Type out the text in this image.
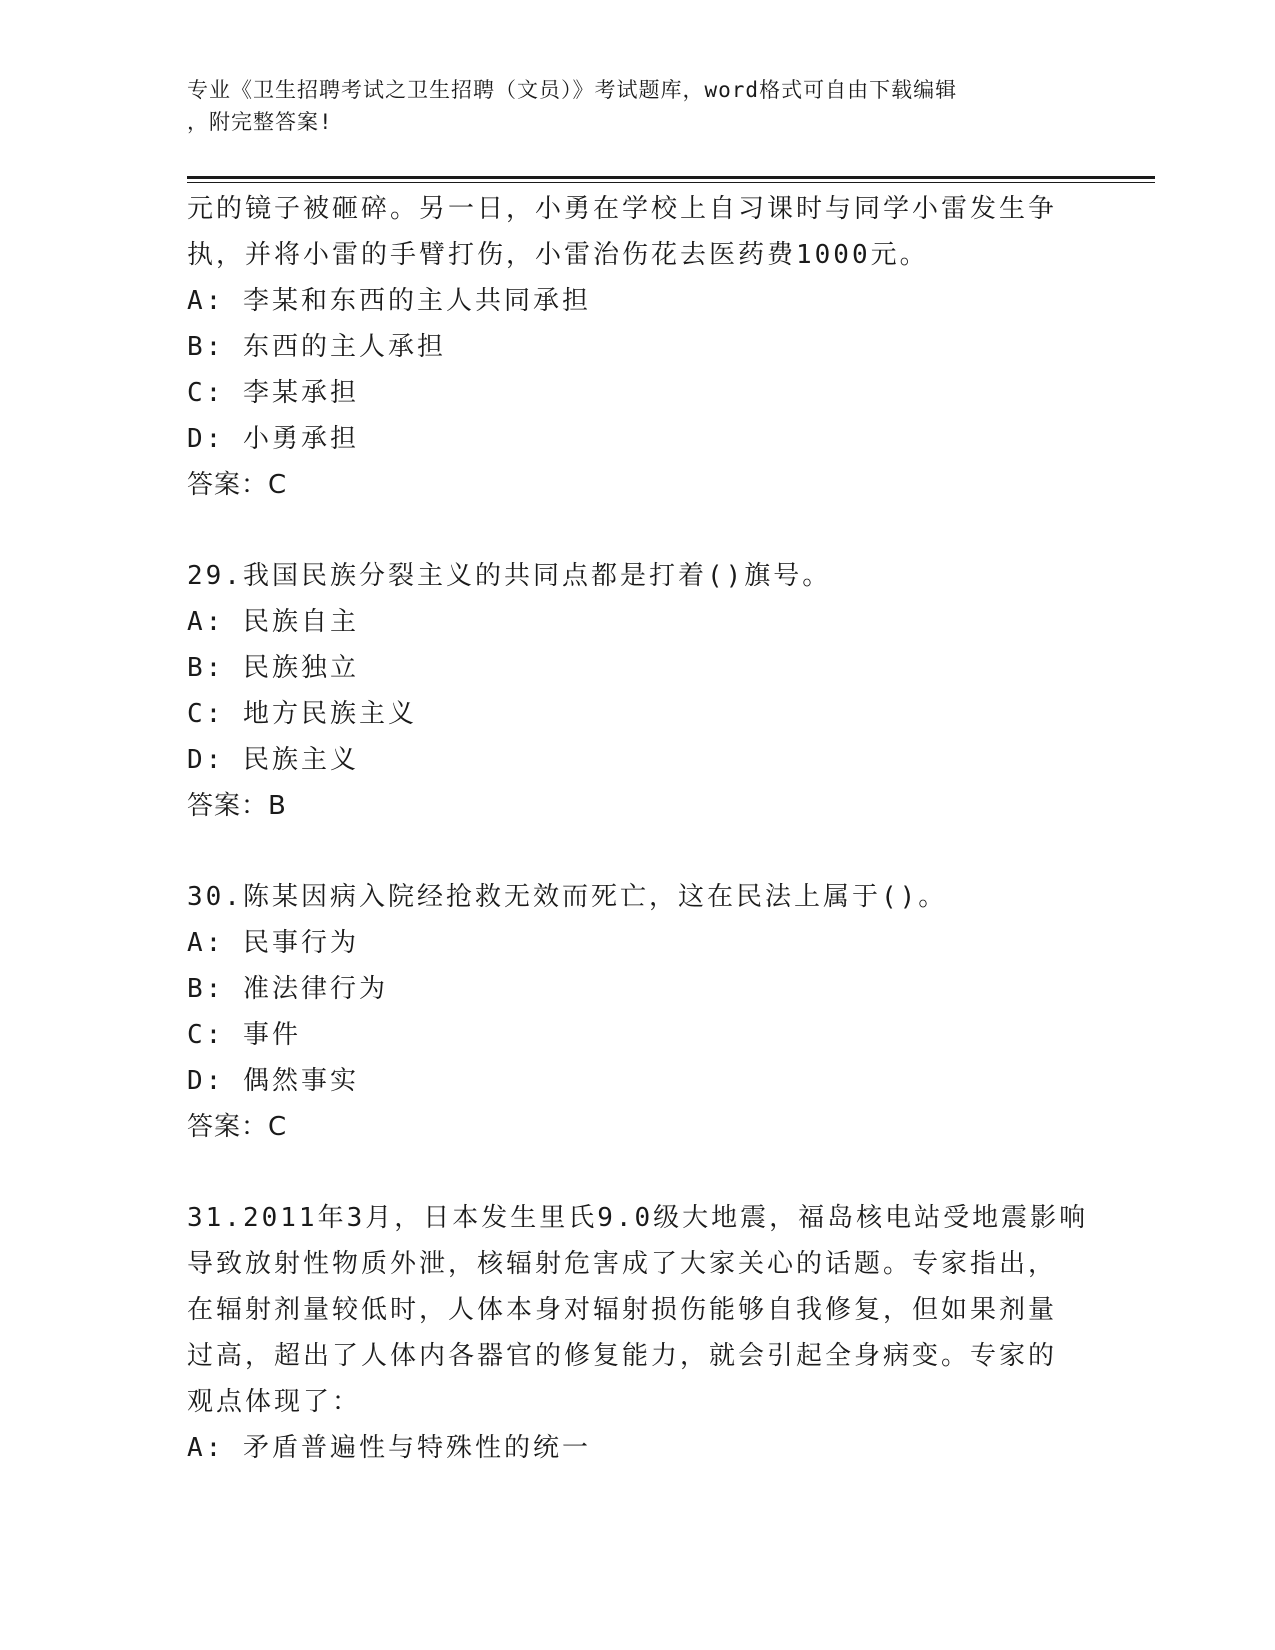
专业《卫生招聘考试之卫生招聘（文员）》考试题库，word格式可自由下载编辑
，附完整答案!
元的镜子被砸碎。另一日，小勇在学校上自习课时与同学小雷发生争
执，并将小雷的手臂打伤，小雷治伤花去医药费1000元。
A: 李某和东西的主人共同承担
B: 东西的主人承担
C: 李某承担
D: 小勇承担
答案：C
29.我国民族分裂主义的共同点都是打着()旗号。
A: 民族自主
B: 民族独立
C: 地方民族主义
D: 民族主义
答案：B
30.陈某因病入院经抢救无效而死亡，这在民法上属于()。
A: 民事行为
B: 准法律行为
C: 事件
D: 偶然事实
答案：C
31.2011年3月，日本发生里氏9.0级大地震，福岛核电站受地震影响
导致放射性物质外泄，核辐射危害成了大家关心的话题。专家指出，
在辐射剂量较低时，人体本身对辐射损伤能够自我修复，但如果剂量
过高，超出了人体内各器官的修复能力，就会引起全身病变。专家的
观点体现了：
A: 矛盾普遍性与特殊性的统一
